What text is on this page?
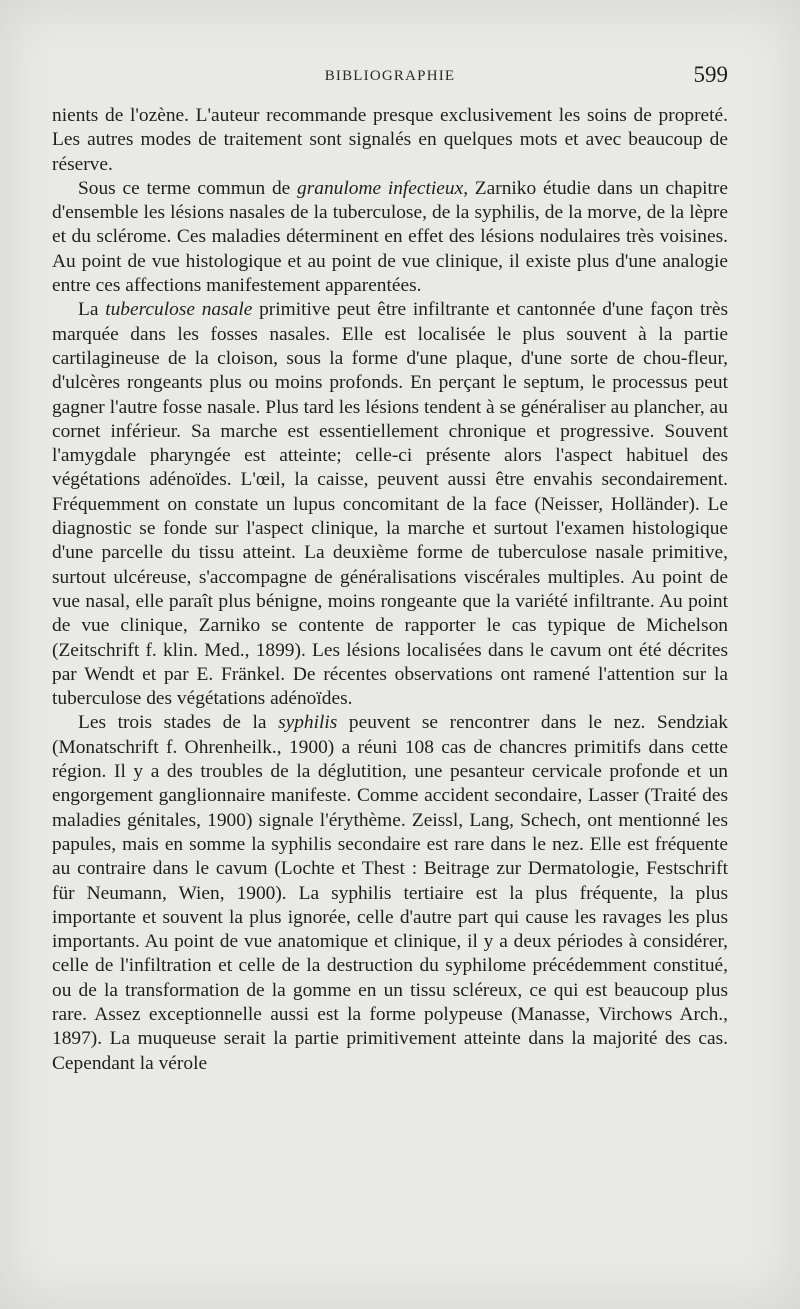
BIBLIOGRAPHIE	599

nients de l'ozène. L'auteur recommande presque exclusivement les soins de propreté. Les autres modes de traitement sont signalés en quelques mots et avec beaucoup de réserve.

Sous ce terme commun de granulome infectieux, Zarniko étudie dans un chapitre d'ensemble les lésions nasales de la tuberculose, de la syphilis, de la morve, de la lèpre et du sclérome. Ces maladies déterminent en effet des lésions nodulaires très voisines. Au point de vue histologique et au point de vue clinique, il existe plus d'une analogie entre ces affections manifestement apparentées.

La tuberculose nasale primitive peut être infiltrante et cantonnée d'une façon très marquée dans les fosses nasales. Elle est localisée le plus souvent à la partie cartilagineuse de la cloison, sous la forme d'une plaque, d'une sorte de chou-fleur, d'ulcères rongeants plus ou moins profonds. En perçant le septum, le processus peut gagner l'autre fosse nasale. Plus tard les lésions tendent à se généraliser au plancher, au cornet inférieur. Sa marche est essentiellement chronique et progressive. Souvent l'amygdale pharyngée est atteinte; celle-ci présente alors l'aspect habituel des végétations adénoïdes. L'œil, la caisse, peuvent aussi être envahis secondairement. Fréquemment on constate un lupus concomitant de la face (Neisser, Holländer). Le diagnostic se fonde sur l'aspect clinique, la marche et surtout l'examen histologique d'une parcelle du tissu atteint. La deuxième forme de tuberculose nasale primitive, surtout ulcéreuse, s'accompagne de généralisations viscérales multiples. Au point de vue nasal, elle paraît plus bénigne, moins rongeante que la variété infiltrante. Au point de vue clinique, Zarniko se contente de rapporter le cas typique de Michelson (Zeitschrift f. klin. Med., 1899). Les lésions localisées dans le cavum ont été décrites par Wendt et par E. Fränkel. De récentes observations ont ramené l'attention sur la tuberculose des végétations adénoïdes.

Les trois stades de la syphilis peuvent se rencontrer dans le nez. Sendziak (Monatschrift f. Ohrenheilk., 1900) a réuni 108 cas de chancres primitifs dans cette région. Il y a des troubles de la déglutition, une pesanteur cervicale profonde et un engorgement ganglionnaire manifeste. Comme accident secondaire, Lasser (Traité des maladies génitales, 1900) signale l'érythème. Zeissl, Lang, Schech, ont mentionné les papules, mais en somme la syphilis secondaire est rare dans le nez. Elle est fréquente au contraire dans le cavum (Lochte et Thest : Beitrage zur Dermatologie, Festschrift für Neumann, Wien, 1900). La syphilis tertiaire est la plus fréquente, la plus importante et souvent la plus ignorée, celle d'autre part qui cause les ravages les plus importants. Au point de vue anatomique et clinique, il y a deux périodes à considérer, celle de l'infiltration et celle de la destruction du syphilome précédemment constitué, ou de la transformation de la gomme en un tissu scléreux, ce qui est beaucoup plus rare. Assez exceptionnelle aussi est la forme polypeuse (Manasse, Virchows Arch., 1897). La muqueuse serait la partie primitivement atteinte dans la majorité des cas. Cependant la vérole
